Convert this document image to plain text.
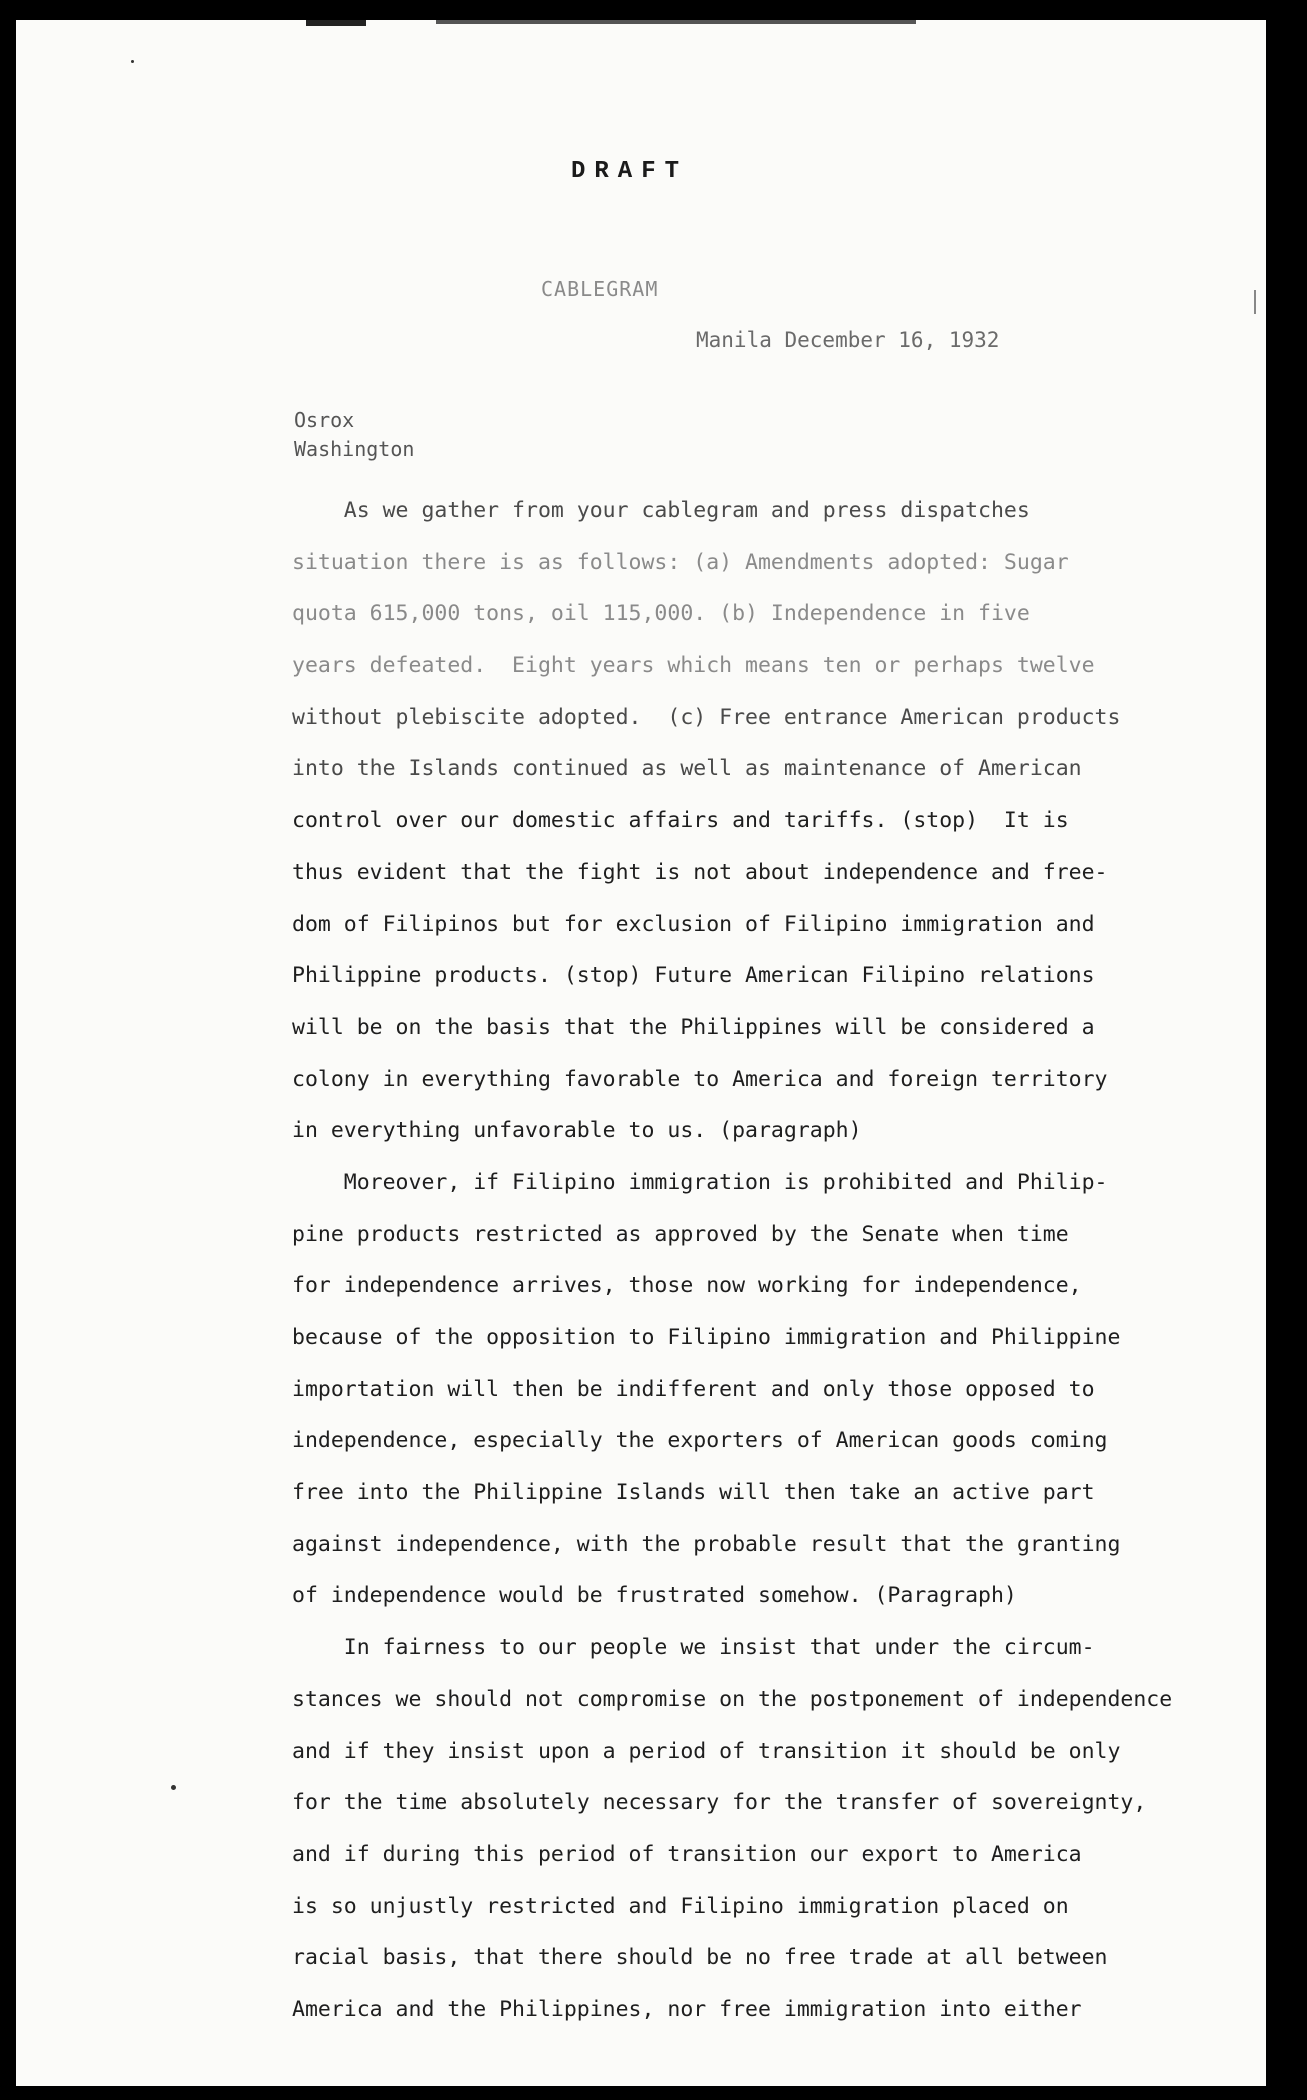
DRAFT
CABLEGRAM
Manila December 16, 1932
Osrox
Washington
As we gather from your cablegram and press dispatches
situation there is as follows: (a) Amendments adopted: Sugar
quota 615,000 tons, oil 115,000. (b) Independence in five
years defeated.  Eight years which means ten or perhaps twelve
without plebiscite adopted.  (c) Free entrance American products
into the Islands continued as well as maintenance of American
control over our domestic affairs and tariffs. (stop)  It is
thus evident that the fight is not about independence and free-
dom of Filipinos but for exclusion of Filipino immigration and
Philippine products. (stop) Future American Filipino relations
will be on the basis that the Philippines will be considered a
colony in everything favorable to America and foreign territory
in everything unfavorable to us. (paragraph)
Moreover, if Filipino immigration is prohibited and Philip-
pine products restricted as approved by the Senate when time
for independence arrives, those now working for independence,
because of the opposition to Filipino immigration and Philippine
importation will then be indifferent and only those opposed to
independence, especially the exporters of American goods coming
free into the Philippine Islands will then take an active part
against independence, with the probable result that the granting
of independence would be frustrated somehow. (Paragraph)
In fairness to our people we insist that under the circum-
stances we should not compromise on the postponement of independence
and if they insist upon a period of transition it should be only
for the time absolutely necessary for the transfer of sovereignty,
and if during this period of transition our export to America
is so unjustly restricted and Filipino immigration placed on
racial basis, that there should be no free trade at all between
America and the Philippines, nor free immigration into either
